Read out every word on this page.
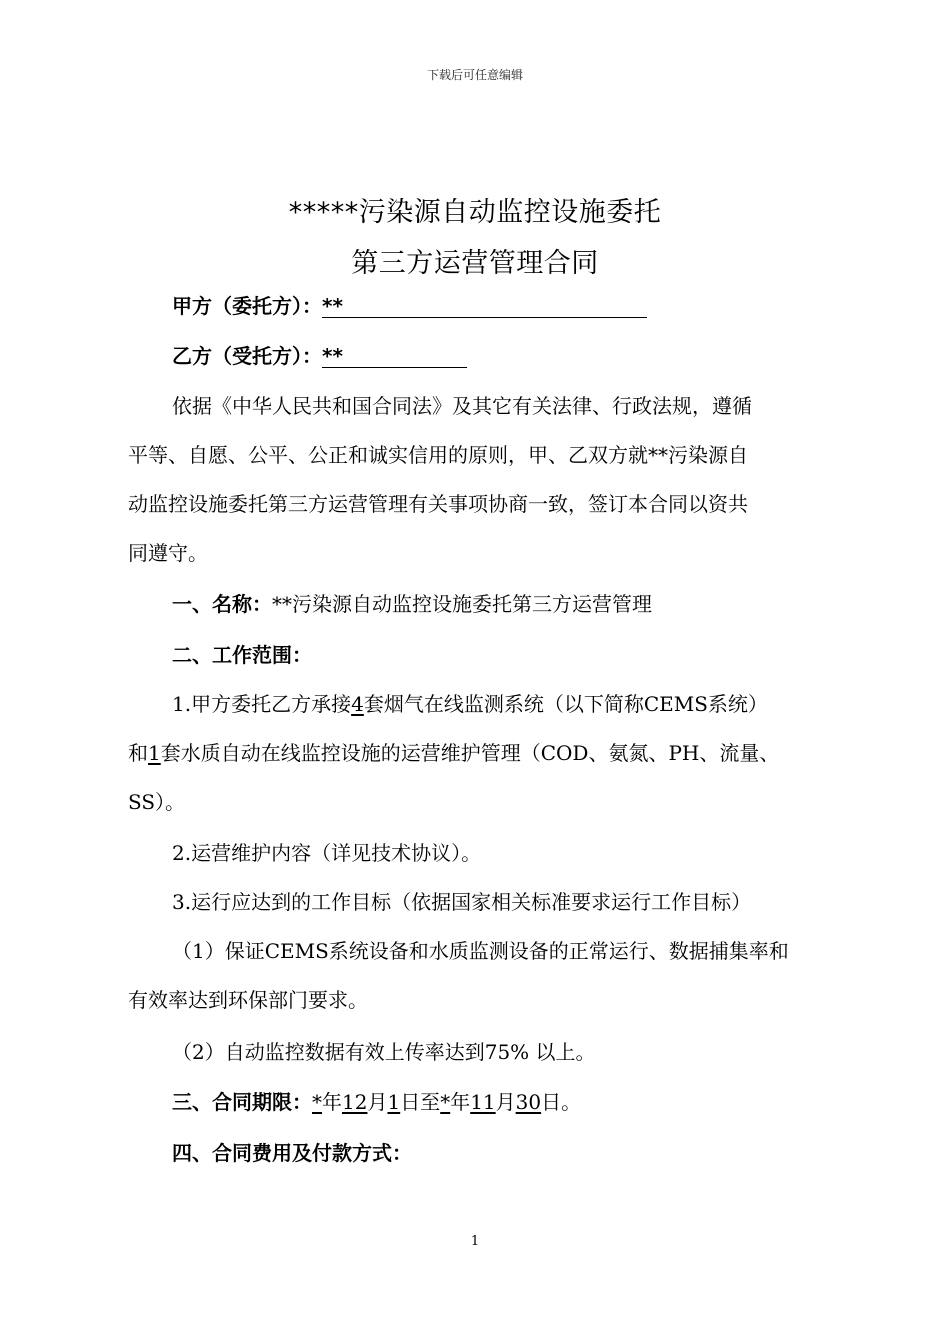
下载后可任意编辑
*****污染源自动监控设施委托
第三方运营管理合同
甲方（委托方）：**
乙方（受托方）：**
依据《中华人民共和国合同法》及其它有关法律、行政法规，遵循
平等、自愿、公平、公正和诚实信用的原则，甲、乙双方就**污染源自
动监控设施委托第三方运营管理有关事项协商一致，签订本合同以资共
同遵守。
一、名称：**污染源自动监控设施委托第三方运营管理
二、工作范围：
1.甲方委托乙方承接4套烟气在线监测系统（以下简称CEMS系统）
和1套水质自动在线监控设施的运营维护管理（COD、氨氮、PH、流量、
SS）。
2.运营维护内容（详见技术协议）。
3.运行应达到的工作目标（依据国家相关标准要求运行工作目标）
（1）保证CEMS系统设备和水质监测设备的正常运行、数据捕集率和
有效率达到环保部门要求。
（2）自动监控数据有效上传率达到75% 以上。
三、合同期限：*年12月1日至*年11月30日。
四、合同费用及付款方式：
1
